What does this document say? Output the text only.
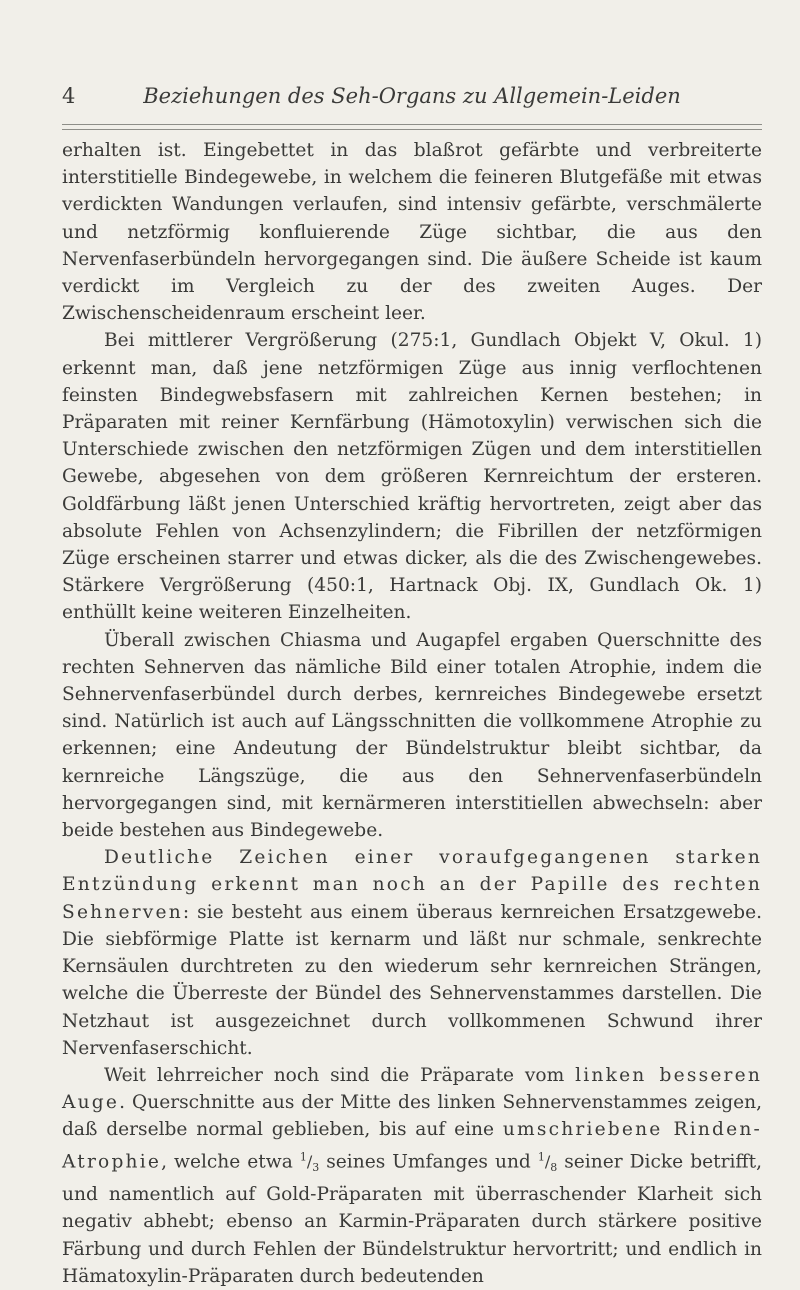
4	Beziehungen des Seh-Organs zu Allgemein-Leiden

erhalten ist. Eingebettet in das blaßrot gefärbte und verbreiterte interstitielle Bindegewebe, in welchem die feineren Blutgefäße mit etwas verdickten Wandungen verlaufen, sind intensiv gefärbte, verschmälerte und netzförmig konfluierende Züge sichtbar, die aus den Nervenfaserbündeln hervorgegangen sind. Die äußere Scheide ist kaum verdickt im Vergleich zu der des zweiten Auges. Der Zwischenscheidenraum erscheint leer.

Bei mittlerer Vergrößerung (275:1, Gundlach Objekt V, Okul. 1) erkennt man, daß jene netzförmigen Züge aus innig verflochtenen feinsten Bindegwebsfasern mit zahlreichen Kernen bestehen; in Präparaten mit reiner Kernfärbung (Hämotoxylin) verwischen sich die Unterschiede zwischen den netzförmigen Zügen und dem interstitiellen Gewebe, abgesehen von dem größeren Kernreichtum der ersteren. Goldfärbung läßt jenen Unterschied kräftig hervortreten, zeigt aber das absolute Fehlen von Achsenzylindern; die Fibrillen der netzförmigen Züge erscheinen starrer und etwas dicker, als die des Zwischengewebes. Stärkere Vergrößerung (450:1, Hartnack Obj. IX, Gundlach Ok. 1) enthüllt keine weiteren Einzelheiten.

Überall zwischen Chiasma und Augapfel ergaben Querschnitte des rechten Sehnerven das nämliche Bild einer totalen Atrophie, indem die Sehnervenfaserbündel durch derbes, kernreiches Bindegewebe ersetzt sind. Natürlich ist auch auf Längsschnitten die vollkommene Atrophie zu erkennen; eine Andeutung der Bündelstruktur bleibt sichtbar, da kernreiche Längszüge, die aus den Sehnervenfaserbündeln hervorgegangen sind, mit kernärmeren interstitiellen abwechseln: aber beide bestehen aus Bindegewebe.

Deutliche Zeichen einer voraufgegangenen starken Entzündung erkennt man noch an der Papille des rechten Sehnerven: sie besteht aus einem überaus kernreichen Ersatzgewebe. Die siebförmige Platte ist kernarm und läßt nur schmale, senkrechte Kernsäulen durchtreten zu den wiederum sehr kernreichen Strängen, welche die Überreste der Bündel des Sehnervenstammes darstellen. Die Netzhaut ist ausgezeichnet durch vollkommenen Schwund ihrer Nervenfaserschicht.

Weit lehrreicher noch sind die Präparate vom linken besseren Auge. Querschnitte aus der Mitte des linken Sehnervenstammes zeigen, daß derselbe normal geblieben, bis auf eine umschriebene Rinden-Atrophie, welche etwa $^1/_3$ seines Umfanges und $^1/_8$ seiner Dicke betrifft, und namentlich auf Gold-Präparaten mit überraschender Klarheit sich negativ abhebt; ebenso an Karmin-Präparaten durch stärkere positive Färbung und durch Fehlen der Bündelstruktur hervortritt; und endlich in Hämatoxylin-Präparaten durch bedeutenden
